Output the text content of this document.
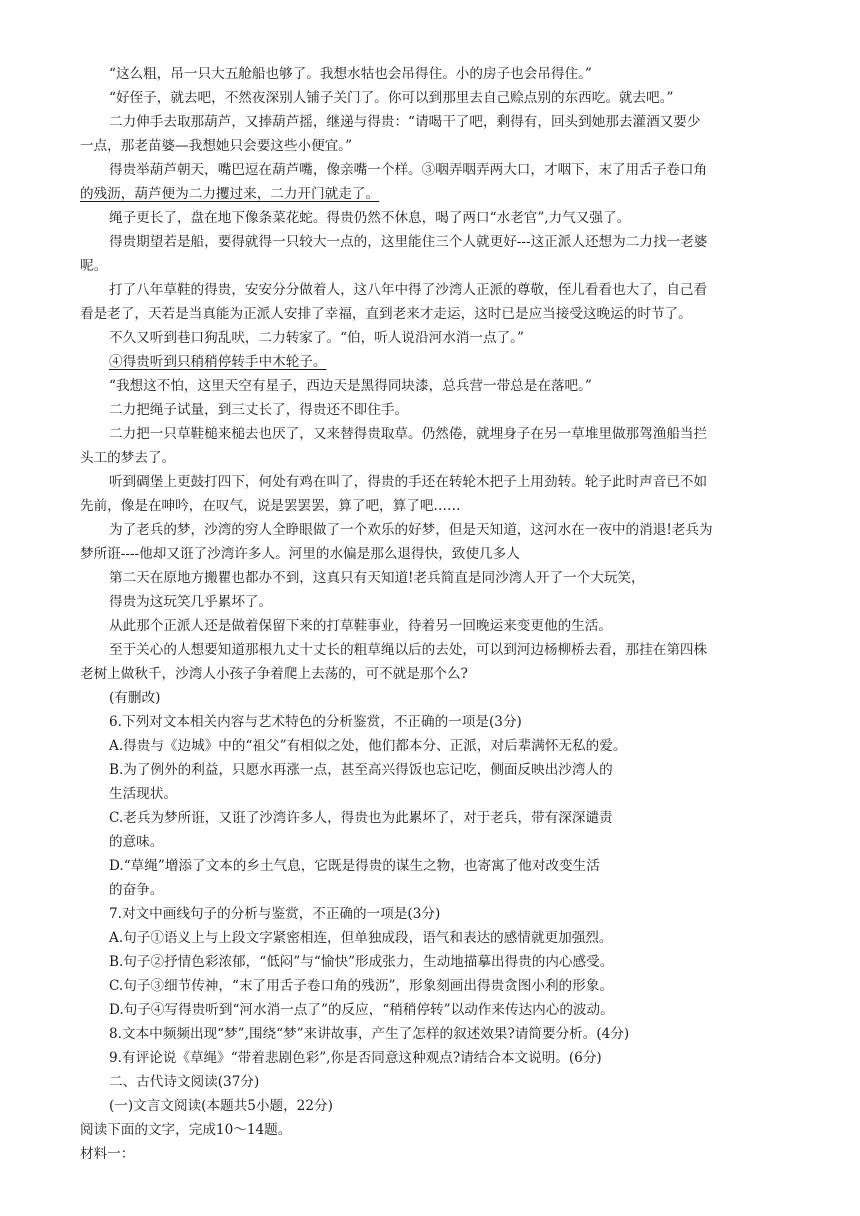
“这么粗，吊一只大五舱船也够了。我想水牯也会吊得住。小的房子也会吊得住。”
“好侄子，就去吧，不然夜深别人铺子关门了。你可以到那里去自己赊点别的东西吃。就去吧。”
二力伸手去取那葫芦，又捧葫芦摇，继递与得贵：“请喝干了吧，剩得有，回头到她那去灌酒又要少
一点，那老苗婆—我想她只会要这些小便宜。”
得贵举葫芦朝天，嘴巴逗在葫芦嘴，像亲嘴一个样。③咽弄咽弄两大口，才咽下，末了用舌子卷口角
的残沥，葫芦便为二力攫过来，二力开门就走了。
绳子更长了，盘在地下像条菜花蛇。得贵仍然不休息，喝了两口“水老官”,力气又强了。
得贵期望若是船，要得就得一只较大一点的，这里能住三个人就更好---这正派人还想为二力找一老婆
呢。
打了八年草鞋的得贵，安安分分做着人，这八年中得了沙湾人正派的尊敬，侄儿看看也大了，自己看
看是老了，天若是当真能为正派人安排了幸福，直到老来才走运，这时已是应当接受这晚运的时节了。
不久又听到巷口狗乱吠，二力转家了。“伯，听人说沿河水消一点了。”
④得贵听到只稍稍停转手中木轮子。
“我想这不怕，这里天空有星子，西边天是黑得同块漆，总兵营一带总是在落吧。”
二力把绳子试量，到三丈长了，得贵还不即住手。
二力把一只草鞋槌来槌去也厌了，又来替得贵取草。仍然倦，就埋身子在另一草堆里做那驾渔船当拦
头工的梦去了。
听到碉堡上更鼓打四下，何处有鸡在叫了，得贵的手还在转轮木把子上用劲转。轮子此时声音已不如
先前，像是在呻吟，在叹气，说是罢罢罢，算了吧，算了吧……
为了老兵的梦，沙湾的穷人全睁眼做了一个欢乐的好梦，但是天知道，这河水在一夜中的消退!老兵为
梦所诳----他却又诳了沙湾许多人。河里的水偏是那么退得快，致使几多人
第二天在原地方搬瞿也都办不到，这真只有天知道!老兵简直是同沙湾人开了一个大玩笑，
得贵为这玩笑几乎累坏了。
从此那个正派人还是做着保留下来的打草鞋事业，待着另一回晚运来变更他的生活。
至于关心的人想要知道那根九丈十丈长的粗草绳以后的去处，可以到河边杨柳桥去看，那挂在第四株
老树上做秋千，沙湾人小孩子争着爬上去荡的，可不就是那个么?
(有删改)
6.下列对文本相关内容与艺术特色的分析鉴赏，不正确的一项是(3分)
A.得贵与《边城》中的“祖父”有相似之处，他们都本分、正派，对后辈满怀无私的爱。
B.为了例外的利益，只愿水再涨一点，甚至高兴得饭也忘记吃，侧面反映出沙湾人的
生活现状。
C.老兵为梦所诳，又诳了沙湾许多人，得贵也为此累坏了，对于老兵，带有深深谴责
的意味。
D.“草绳”增添了文本的乡土气息，它既是得贵的谋生之物，也寄寓了他对改变生活
的奋争。
7.对文中画线句子的分析与鉴赏，不正确的一项是(3分)
A.句子①语义上与上段文字紧密相连，但单独成段，语气和表达的感情就更加强烈。
B.句子②抒情色彩浓郁，“低闷”与“愉快”形成张力，生动地描摹出得贵的内心感受。
C.句子③细节传神，“末了用舌子卷口角的残沥”，形象刻画出得贵贪图小利的形象。
D.句子④写得贵听到“河水消一点了”的反应，“稍稍停转”以动作来传达内心的波动。
8.文本中频频出现“梦”,围绕“梦”来讲故事，产生了怎样的叙述效果?请简要分析。(4分)
9.有评论说《草绳》“带着悲剧色彩”,你是否同意这种观点?请结合本文说明。(6分)
二、古代诗文阅读(37分)
(一)文言文阅读(本题共5小题，22分)
阅读下面的文字，完成10～14题。
材料一：
